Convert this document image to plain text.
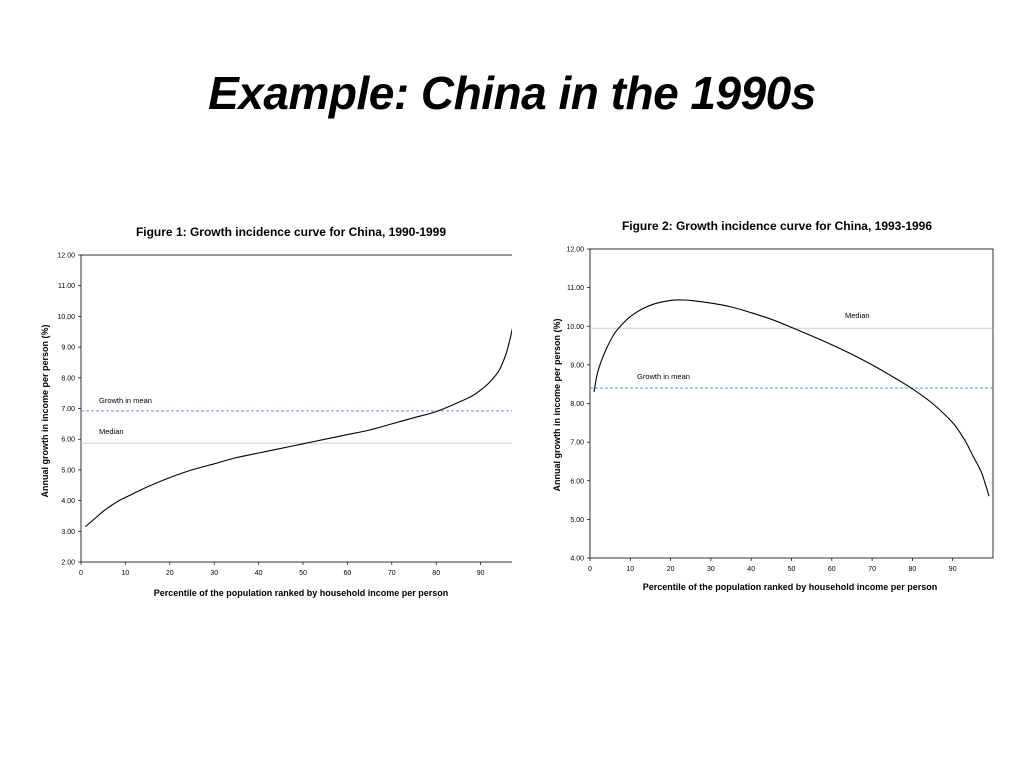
Example: China in the 1990s
Figure 1: Growth incidence curve for China, 1990-1999
2.00
3.00
4.00
5.00
6.00
7.00
8.00
9.00
10.00
11.00
12.00
0	10	20	30	40	50	60	70	80	90
Growth in mean
Median
Percentile of the population ranked by household income per person
Annual growth in income per person (%)
Figure 2: Growth incidence curve for China, 1993-1996
4.00
5.00
6.00
7.00
8.00
9.00
10.00
11.00
12.00
0	10	20	30	40	50	60	70	80	90
Median
Growth in mean
Percentile of the population ranked by household income per person
Annual growth in income per person (%)
